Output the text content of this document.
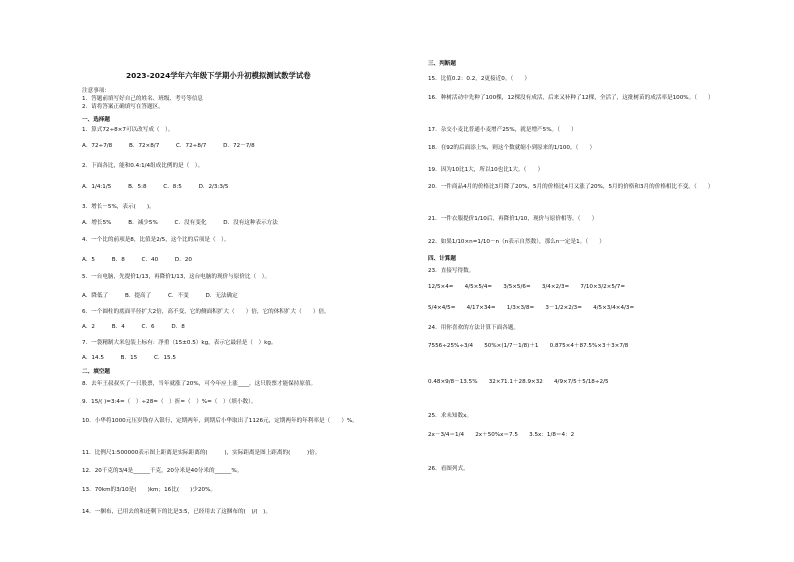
2023-2024学年六年级下学期小升初模拟测试数学试卷
注意事项：
1．答题前填写好自己的姓名、班级、考号等信息
2．请将答案正确填写在答题区。
一、选择题
1．算式72÷8×7可以改写成（　）。
A．72÷7/8　　　B．72×8/7　　　C．72÷8/7　　　D．72－7/8
2．下面各比，能和0.4:1/4组成比例的是（　）。
A．1/4:1/5　　　B．5:8　　　C．8:5　　　D．2/3:3/5
3．增长－5%，表示(　　)。
A．增长5%　　　B．减少5%　　　C．没有变化　　　D．没有这种表示方法
4．一个比的前项是8，比值是2/5，这个比的后项是（　）。
A．5　　　B．8　　　C．40　　　D．20
5．一台电脑，先提价1/13，再降价1/13，这台电脑的现价与原价比（　）。
A．降低了　　　B．提高了　　　C．不变　　　D．无法确定
6．一个圆柱的底面半径扩大2倍，高不变，它的侧面积扩大（　　）倍，它的体积扩大（　　）倍。
A．2　　　B．4　　　C．6　　　D．8
7．一袋精制大米包装上标有：净重（15±0.5）kg，表示它最轻是（　）kg。
A．14.5　　　B．15　　　C．15.5
二、填空题
8．去年王叔叔买了一只股票，当年就涨了20%，可今年应上涨____，这只股票才能保持原值。
9．15/( )=3:4=（　）÷28=（　）折=（　）%=（　）（填小数）。
10．小华将1000元压岁钱存入银行，定期两年，到期后小华取出了1126元，定期两年的年利率是（　　）%。
11．比例尺1:500000表示图上距离是实际距离的(　　　)，实际距离是图上距离的(　　　)倍。
12．20千克的3/4是______千克，20分米是40分米的______%。
13．70km的3/10是(　　)km；16比(　　)少20%。
14．一捆布，已用去的和还剩下的比是3:5，已经用去了这捆布的(　)/(　)。
三、判断题
15．比值0.2：0.2，2更接近0。（　　）
16．种树活动中先种了100棵，12棵没有成活，后来又补种了12棵，全活了，这批树苗的成活率是100%。（　　）
17．杂交小麦比普通小麦增产25%，就是增产5%。（　　）
18．在92的后面添上%，则这个数就缩小到原来的1/100。（　　）
19．因为10比1大，所以10也比1大。（　　）
20．一件商品4月的价格比3月降了20%，5月的价格比4月又涨了20%，5月的价格和3月的价格相比不变。（　　）
21．一件衣服提价1/10后，再降价1/10，现价与原价相等。（　　）
22．如果1/10×n=1/10－n（n表示自然数），那么n一定是1。（　　）
四、计算题
23．直接写得数。
12/5×4=　　4/5×5/4=　　3/5×5/6=　　3/4×2/3=　　7/10×3/2×5/7=
5/4×4/5=　　4/17×34=　　1/3×3/8=　　3－1/2×2/3=　　4/5×3/4×4/3=
24．用你喜欢的方法计算下面各题。
7556÷25%÷3/4　　50%×(1/7－1/8)＋1　　0.875×4＋87.5%×3＋3×7/8
0.48×9/8－13.5%　　32×71.1＋28.9×32　　4/9×7/5＋5/18÷2/5
25．求未知数x。
2x－3/4＝1/4　　2x＋50%x＝7.5　　3.5x：1/8＝4：2
26．看图列式。
